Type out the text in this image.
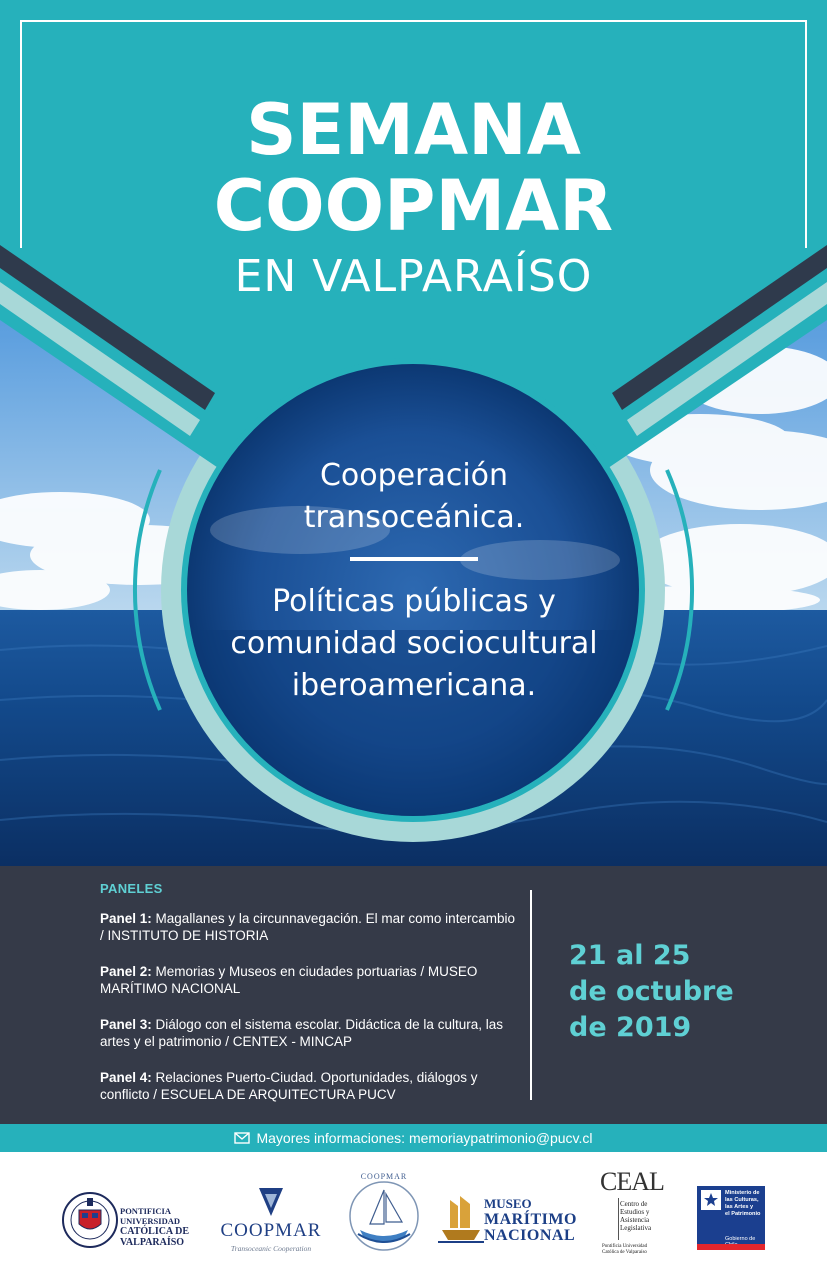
SEMANA
COOPMAR
EN VALPARAÍSO
Cooperación
transoceánica.
Políticas públicas y
comunidad sociocultural
iberoamericana.
PANELES
Panel 1: Magallanes y la circunnavegación. El mar como intercambio / INSTITUTO DE HISTORIA
Panel 2: Memorias y Museos en ciudades portuarias / MUSEO MARÍTIMO NACIONAL
Panel 3: Diálogo con el sistema escolar. Didáctica de la cultura, las artes y el patrimonio / CENTEX - MINCAP
Panel 4: Relaciones Puerto-Ciudad. Oportunidades, diálogos y conflicto / ESCUELA DE ARQUITECTURA PUCV
21 al 25
de octubre
de 2019
Mayores informaciones: memoriaypatrimonio@pucv.cl
PONTIFICIA
UNIVERSIDAD
CATÓLICA DE
VALPARAÍSO
COOPMAR
Transoceanic Cooperation
COOPMAR
MUSEO
MARÍTIMO
NACIONAL
CEAL
Centro de
Estudios y
Asistencia
Legislativa
Pontificia Universidad Católica de Valparaíso
Ministerio de
las Culturas,
las Artes y
el Patrimonio
Gobierno de
